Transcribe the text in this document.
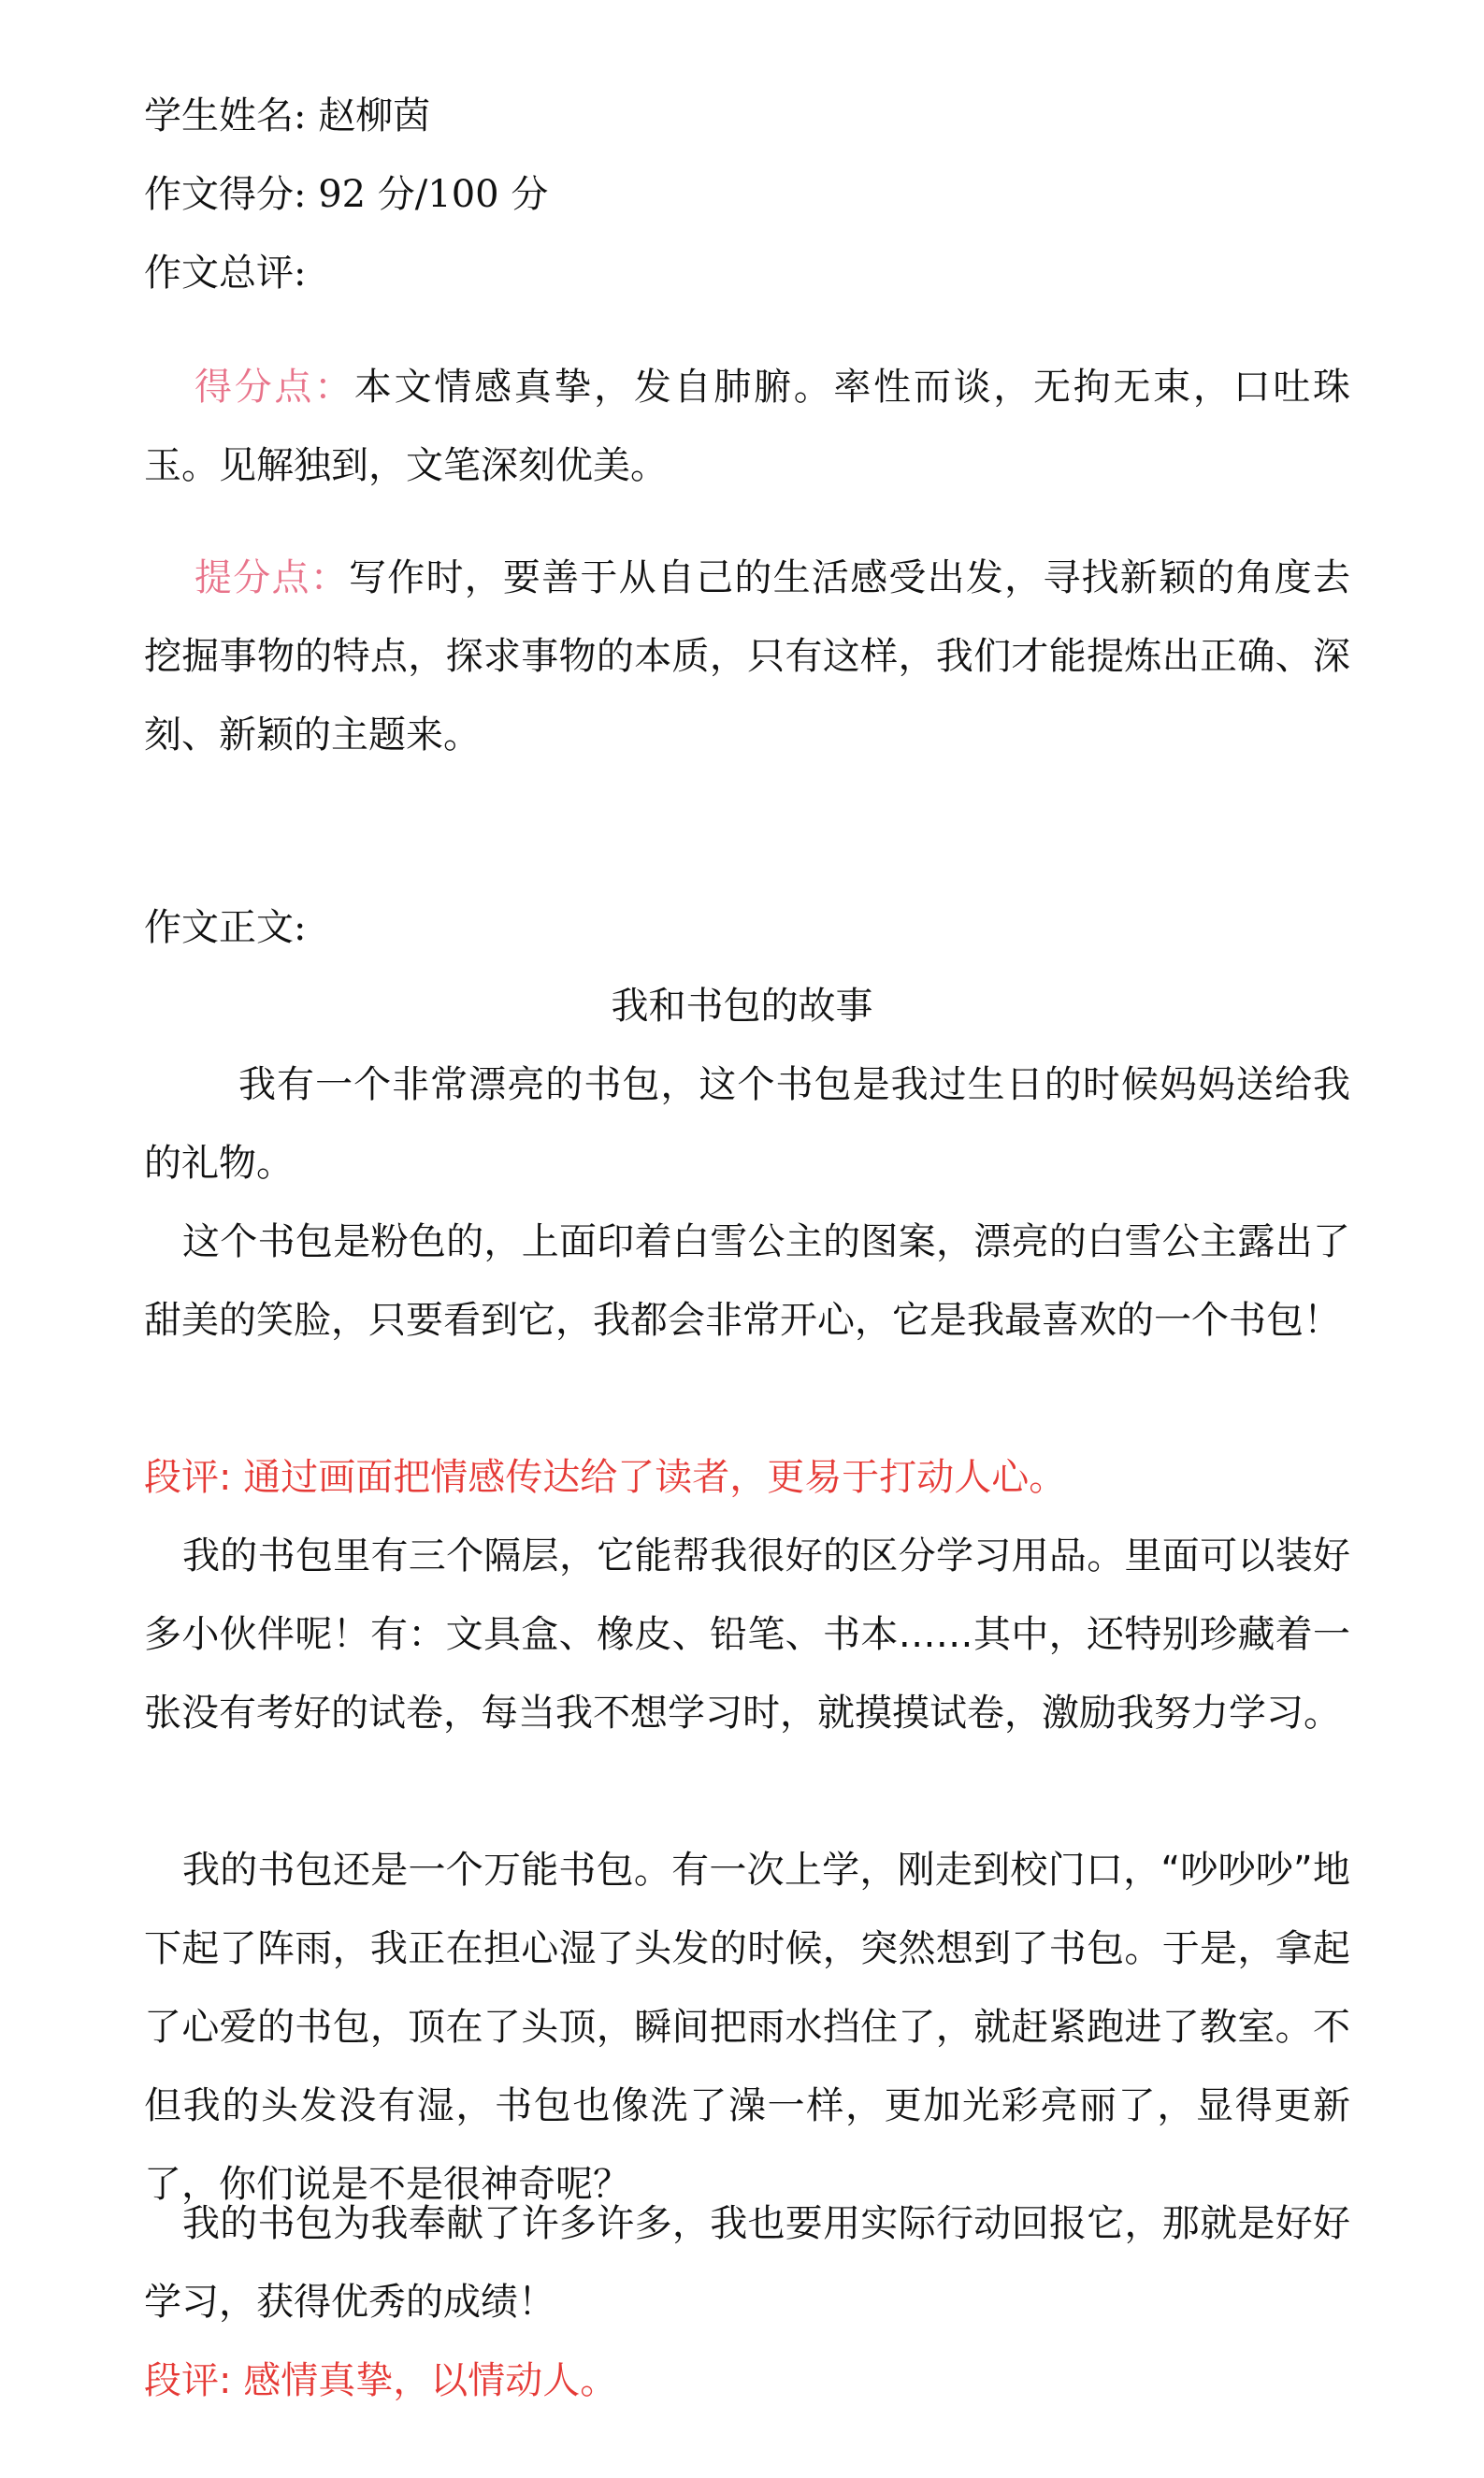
学生姓名: 赵柳茵
作文得分: 92 分/100 分
作文总评:
得分点：本文情感真挚，发自肺腑。率性而谈，无拘无束，口吐珠玉。见解独到，文笔深刻优美。
提分点：写作时，要善于从自己的生活感受出发，寻找新颖的角度去挖掘事物的特点，探求事物的本质，只有这样，我们才能提炼出正确、深刻、新颖的主题来。
作文正文:
我和书包的故事
我有一个非常漂亮的书包，这个书包是我过生日的时候妈妈送给我的礼物。
这个书包是粉色的，上面印着白雪公主的图案，漂亮的白雪公主露出了甜美的笑脸，只要看到它，我都会非常开心，它是我最喜欢的一个书包！
段评: 通过画面把情感传达给了读者，更易于打动人心。
我的书包里有三个隔层，它能帮我很好的区分学习用品。里面可以装好多小伙伴呢！有：文具盒、橡皮、铅笔、书本……其中，还特别珍藏着一张没有考好的试卷，每当我不想学习时，就摸摸试卷，激励我努力学习。
我的书包还是一个万能书包。有一次上学，刚走到校门口，“吵吵吵”地下起了阵雨，我正在担心湿了头发的时候，突然想到了书包。于是，拿起了心爱的书包，顶在了头顶，瞬间把雨水挡住了，就赶紧跑进了教室。不但我的头发没有湿，书包也像洗了澡一样，更加光彩亮丽了，显得更新了，你们说是不是很神奇呢？
我的书包为我奉献了许多许多，我也要用实际行动回报它，那就是好好学习，获得优秀的成绩！
段评: 感情真挚，以情动人。
